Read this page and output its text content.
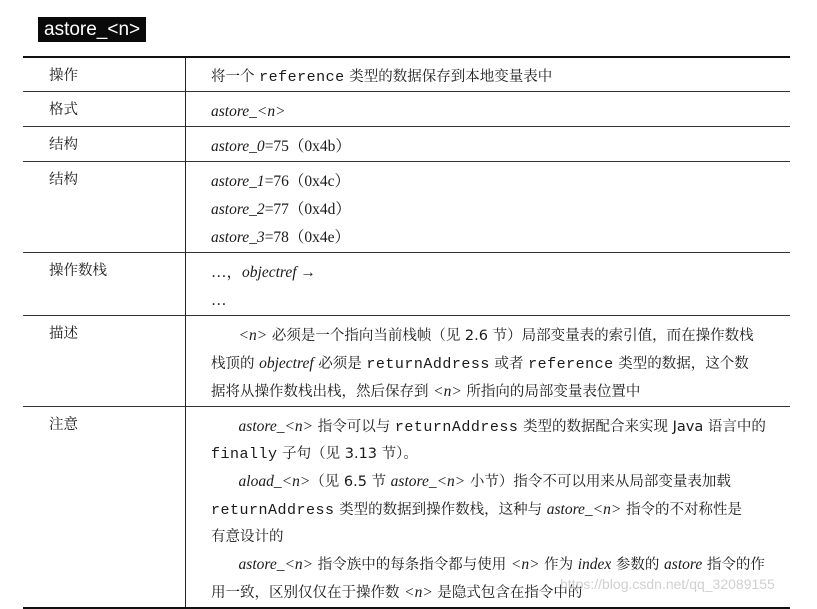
astore_<n>
操作	将一个 reference 类型的数据保存到本地变量表中

格式	astore_<n>

结构	astore_0=75（0x4b）

结构	astore_1=76（0x4c）
astore_2=77（0x4d）
astore_3=78（0x4e）

操作数栈	…，objectref →
…

描述	<n> 必须是一个指向当前栈帧（见 2.6 节）局部变量表的索引值，而在操作数栈
栈顶的 objectref 必须是 returnAddress 或者 reference 类型的数据，这个数
据将从操作数栈出栈，然后保存到 <n> 所指向的局部变量表位置中

注意	astore_<n> 指令可以与 returnAddress 类型的数据配合来实现 Java 语言中的
finally 子句（见 3.13 节）。
aload_<n>（见 6.5 节 astore_<n> 小节）指令不可以用来从局部变量表加载
returnAddress 类型的数据到操作数栈，这种与 astore_<n> 指令的不对称性是
有意设计的
astore_<n> 指令族中的每条指令都与使用 <n> 作为 index 参数的 astore 指令的作
用一致，区别仅仅在于操作数 <n> 是隐式包含在指令中的
https://blog.csdn.net/qq_32089155
